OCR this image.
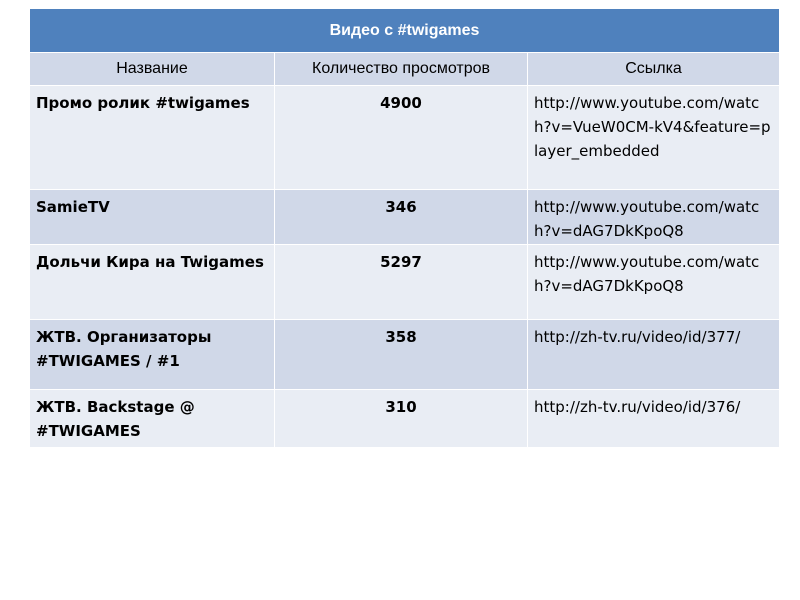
Видео с #twigames		
Название	Количество просмотров	Ссылка
Промо ролик #twigames	4900	http://www.youtube.com/watch?v=VueW0CM-kV4&feature=player_embedded
SamieTV	346	http://www.youtube.com/watch?v=dAG7DkKpoQ8
Дольчи Кира на Twigames	5297	http://www.youtube.com/watch?v=dAG7DkKpoQ8
ЖТВ. Организаторы #TWIGAMES / #1	358	http://zh-tv.ru/video/id/377/
ЖТВ. Backstage @ #TWIGAMES	310	http://zh-tv.ru/video/id/376/
